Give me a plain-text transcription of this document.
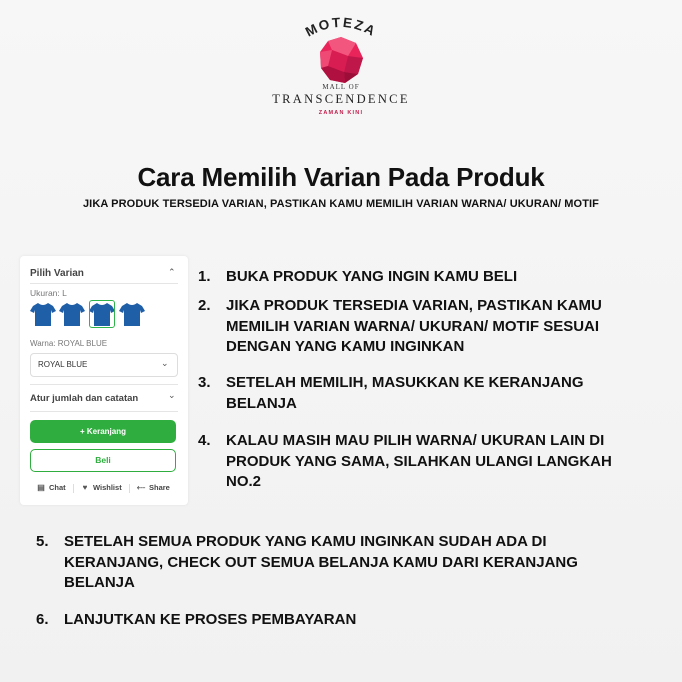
MOTEZA
MALL OF
TRANSCENDENCE
ZAMAN KINI
Cara Memilih Varian Pada Produk
JIKA PRODUK TERSEDIA VARIAN, PASTIKAN KAMU MEMILIH VARIAN WARNA/ UKURAN/ MOTIF
Pilih Varian	⌃
Ukuran: L
Warna: ROYAL BLUE
ROYAL BLUE	⌄
Atur jumlah dan catatan	⌄
+ Keranjang
Beli
▤ Chat	♥ Wishlist ⤎ Share
1. BUKA PRODUK YANG INGIN KAMU BELI
2. JIKA PRODUK TERSEDIA VARIAN, PASTIKAN KAMU
MEMILIH VARIAN WARNA/ UKURAN/ MOTIF SESUAI
DENGAN YANG KAMU INGINKAN
3. SETELAH MEMILIH, MASUKKAN KE KERANJANG
BELANJA
4. KALAU MASIH MAU PILIH WARNA/ UKURAN LAIN DI
PRODUK YANG SAMA, SILAHKAN ULANGI LANGKAH
NO.2
5. SETELAH SEMUA PRODUK YANG KAMU INGINKAN SUDAH ADA DI
KERANJANG, CHECK OUT SEMUA BELANJA KAMU DARI KERANJANG
BELANJA
6. LANJUTKAN KE PROSES PEMBAYARAN
